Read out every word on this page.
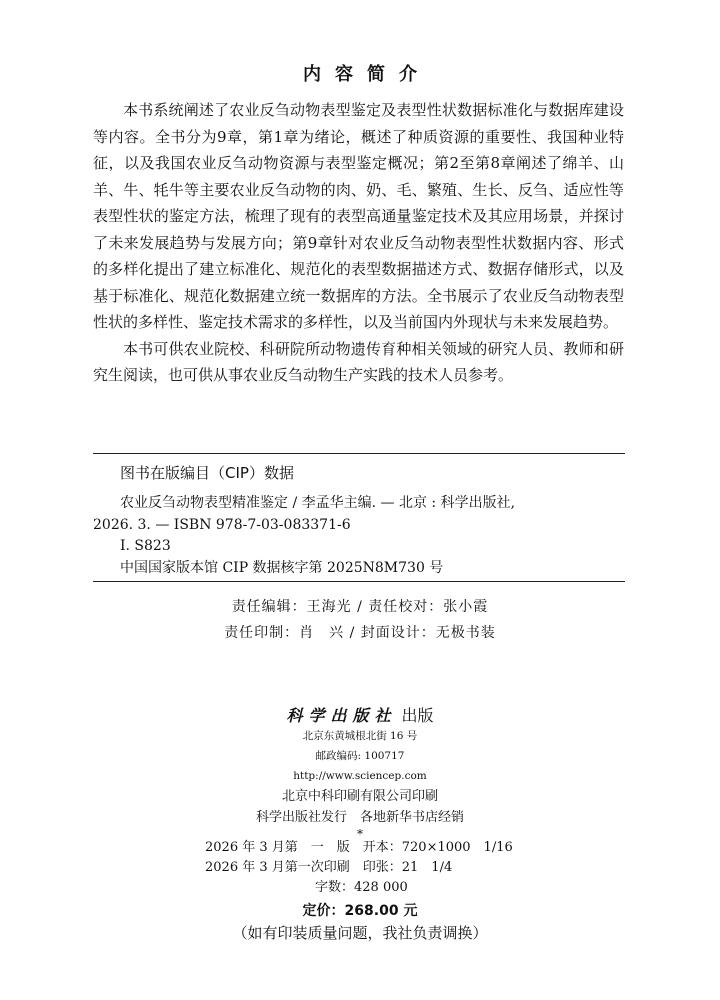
内容简介

本书系统阐述了农业反刍动物表型鉴定及表型性状数据标准化与数据库建设等内容。全书分为9章，第1章为绪论，概述了种质资源的重要性、我国种业特征，以及我国农业反刍动物资源与表型鉴定概况；第2至第8章阐述了绵羊、山羊、牛、牦牛等主要农业反刍动物的肉、奶、毛、繁殖、生长、反刍、适应性等表型性状的鉴定方法，梳理了现有的表型高通量鉴定技术及其应用场景，并探讨了未来发展趋势与发展方向；第9章针对农业反刍动物表型性状数据内容、形式的多样化提出了建立标准化、规范化的表型数据描述方式、数据存储形式，以及基于标准化、规范化数据建立统一数据库的方法。全书展示了农业反刍动物表型性状的多样性、鉴定技术需求的多样性，以及当前国内外现状与未来发展趋势。

本书可供农业院校、科研院所动物遗传育种相关领域的研究人员、教师和研究生阅读，也可供从事农业反刍动物生产实践的技术人员参考。

图书在版编目（CIP）数据
农业反刍动物表型精准鉴定 / 李孟华主编. — 北京 : 科学出版社,
2026. 3. — ISBN 978-7-03-083371-6
Ⅰ. S823
中国国家版本馆 CIP 数据核字第 2025N8M730 号
责任编辑：王海光 / 责任校对：张小霞
责任印制：肖　兴 / 封面设计：无极书装
科学出版社 出版
北京东黄城根北街 16 号
邮政编码: 100717
http://www.sciencep.com
北京中科印刷有限公司印刷
科学出版社发行　各地新华书店经销
*
2026 年 3 月第　一　版　开本：720×1000　1/16
2026 年 3 月第一次印刷　印张：21　1/4
字数：428 000
定价：268.00 元
（如有印装质量问题，我社负责调换）
